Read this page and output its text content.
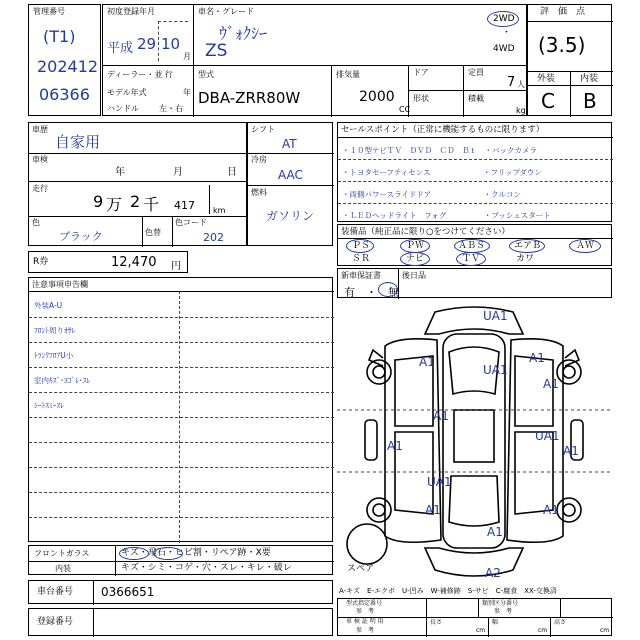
管理番号
(T1)
202412
06366
初度登録年月
平成 29 10
月
車名・グレード
ｳﾞｫｸｼｰ
ZS
2WD
・
4WD
ディーラー・並 行
モデル年式	年
ハンドル	左・右
型式
DBA-ZRR80W
排気量
2000
CC
ドア
形状
定員
7 人
積載
kg
評　価　点
(3.5)
外装	内装
C B
車歴
自家用
車検
年	月	日
走行
9 万 2 千 417 km
色
ブラック	色替
色コード
202
シフト
AT
冷房
AAC
燃料
ガソリン
R券	12,470 円
セールスポイント（正常に機能するものに限ります）
・１０型ナビＴＶ　ＤＶＤ　ＣＤ　Ｂｔ　・バックカメラ
・トヨタセーフティセンス　　　　　　　・フリップダウン
・両側パワースライドドア　　　　　　　・クルコン
・ＬＥＤヘッドライト　フォグ　　　　　・プッシュスタート
装備品（純正品に限り○をつけてください）
ＰＳ	ＰＷ	ＡＢＳ	エアＢ	ＡＷ
ＳＲ	ナビ	ＴＶ	カワ
新車保証書
有　・　無
後日品
注意事項申告欄
外装A-U
ﾌﾛﾝﾄ周りｵｻﾚ
ﾄﾗﾝｸﾌﾛｱU小
室内ｷｽﾞ･ﾖｺﾞﾚ･ｽﾚ
ｼｰﾄｽﾐｰｽﾚ
フロントガラス	キズ・飛石・ヒビ割・リペア跡・X要
内装	キズ・シミ・コゲ・穴・スレ・キレ・破レ
車台番号 0366651
登録番号
UA1
A1
UA1
A1
A1
A1
UA1
A1	A1
UA1
A1	A1
A1
A2
スペア
A-キズ　E-エクボ　U-凹み　W-補修跡　S-サビ　C-腐食　XX-交換済
型式指定番号
参　考
類別区分番号
参　考
車 検 証 明 用
参　考
長さ
cm
幅
cm
高さ
cm
